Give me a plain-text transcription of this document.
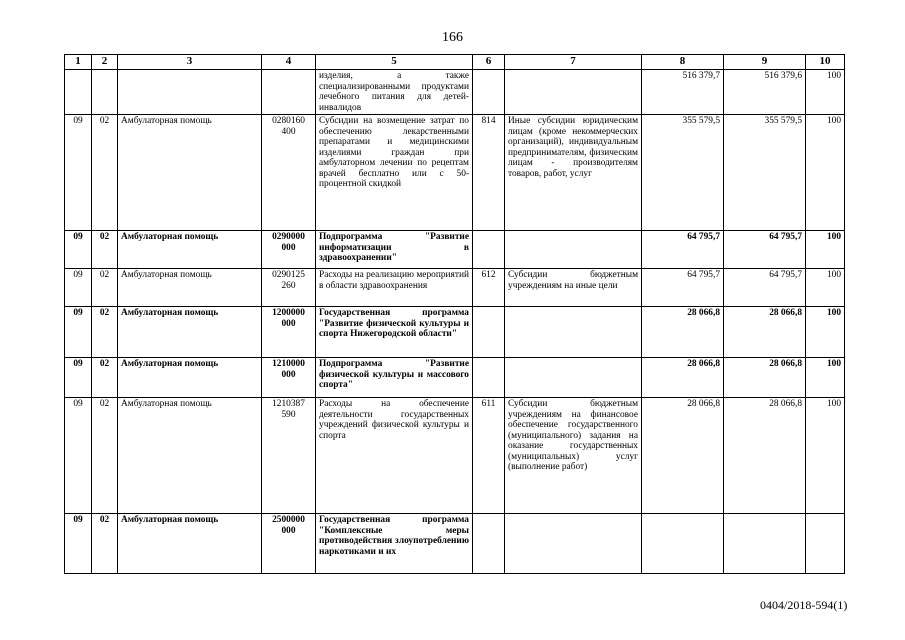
166
1	2	3	4	5	6	7	8	9	10
				изделия, а также специализированными продуктами лечебного питания для детей-инвалидов			516 379,7	516 379,6	100
09	02	Амбулаторная помощь	0280160 400	Субсидии на возмещение затрат по обеспечению лекарственными препаратами и медицинскими изделиями граждан при амбулаторном лечении по рецептам врачей бесплатно или с 50-процентной скидкой	814	Иные субсидии юридическим лицам (кроме некоммерческих организаций), индивидуальным предпринимателям, физическим лицам - производителям товаров, работ, услуг	355 579,5	355 579,5	100
09	02	Амбулаторная помощь	0290000 000	Подпрограмма "Развитие информатизации в здравоохранении"			64 795,7	64 795,7	100
09	02	Амбулаторная помощь	0290125 260	Расходы на реализацию мероприятий в области здравоохранения	612	Субсидии бюджетным учреждениям на иные цели	64 795,7	64 795,7	100
09	02	Амбулаторная помощь	1200000 000	Государственная программа "Развитие физической культуры и спорта Нижегородской области"			28 066,8	28 066,8	100
09	02	Амбулаторная помощь	1210000 000	Подпрограмма "Развитие физической культуры и массового спорта"			28 066,8	28 066,8	100
09	02	Амбулаторная помощь	1210387 590	Расходы на обеспечение деятельности государственных учреждений физической культуры и спорта	611	Субсидии бюджетным учреждениям на финансовое обеспечение государственного (муниципального) задания на оказание государственных (муниципальных) услуг (выполнение работ)	28 066,8	28 066,8	100
09	02	Амбулаторная помощь	2500000 000	Государственная программа "Комплексные меры противодействия злоупотреблению наркотиками и их					
0404/2018-594(1)
